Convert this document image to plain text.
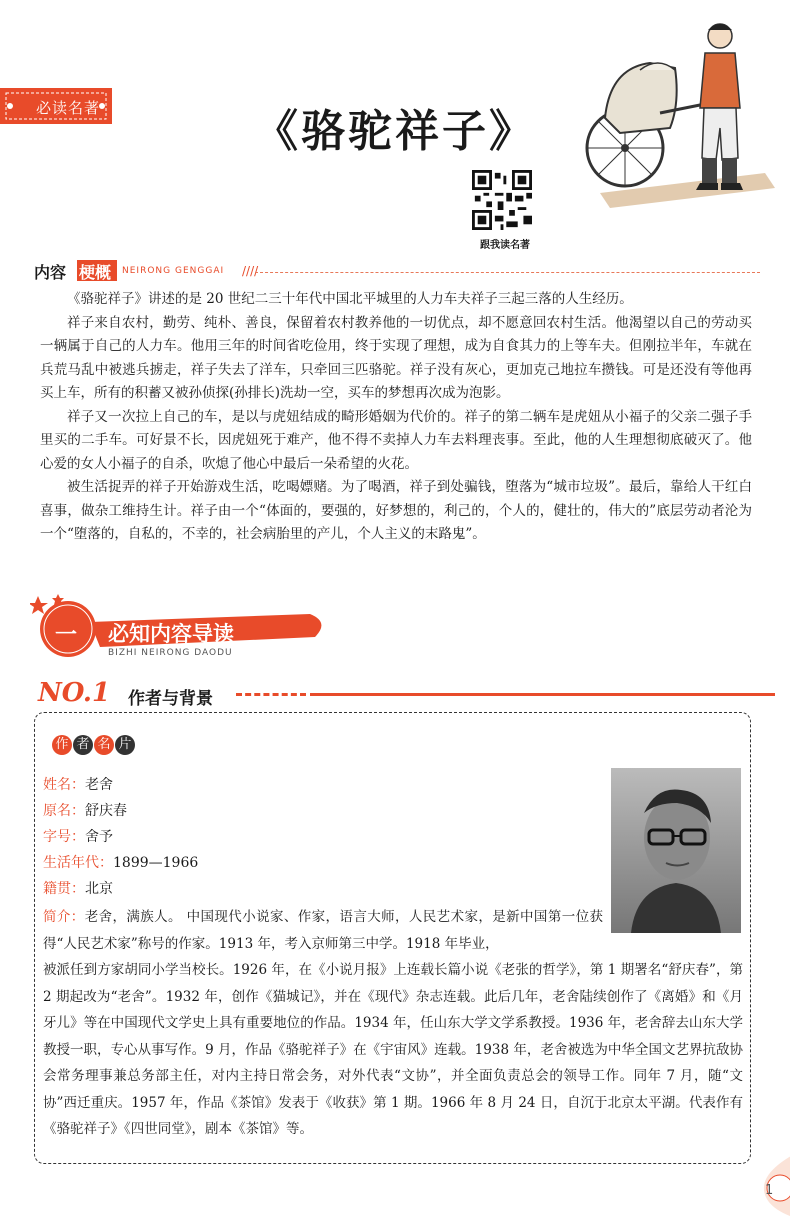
必读名著	《骆驼祥子》
跟我读名著
内容 梗概 NEIRONG GENGGAI ////

《骆驼祥子》讲述的是 20 世纪二三十年代中国北平城里的人力车夫祥子三起三落的人生经历。

祥子来自农村，勤劳、纯朴、善良，保留着农村教养他的一切优点，却不愿意回农村生活。他渴望以自己的劳动买一辆属于自己的人力车。他用三年的时间省吃俭用，终于实现了理想，成为自食其力的上等车夫。但刚拉半年，车就在兵荒马乱中被逃兵掳走，祥子失去了洋车，只牵回三匹骆驼。祥子没有灰心，更加克己地拉车攒钱。可是还没有等他再买上车，所有的积蓄又被孙侦探(孙排长)洗劫一空，买车的梦想再次成为泡影。

祥子又一次拉上自己的车，是以与虎妞结成的畸形婚姻为代价的。祥子的第二辆车是虎妞从小福子的父亲二强子手里买的二手车。可好景不长，因虎妞死于难产，他不得不卖掉人力车去料理丧事。至此，他的人生理想彻底破灭了。他心爱的女人小福子的自杀，吹熄了他心中最后一朵希望的火花。

被生活捉弄的祥子开始游戏生活，吃喝嫖赌。为了喝酒，祥子到处骗钱，堕落为“城市垃圾”。最后，靠给人干红白喜事，做杂工维持生计。祥子由一个“体面的，要强的，好梦想的，利己的，个人的，健壮的，伟大的”底层劳动者沦为一个“堕落的，自私的，不幸的，社会病胎里的产儿，个人主义的末路鬼”。

一 必知内容导读
BIZHI NEIRONG DAODU
NO.1 作者与背景
作 者 名 片
姓名：老舍
原名：舒庆春
字号：舍予
生活年代：1899—1966
籍贯：北京
简介：老舍，满族人。 中国现代小说家、作家，语言大师，人民艺术家，是新中国第一位获得“人民艺术家”称号的作家。1913 年，考入京师第三中学。1918 年毕业，
被派任到方家胡同小学当校长。1926 年，在《小说月报》上连载长篇小说《老张的哲学》，第 1 期署名“舒庆春”，第 2 期起改为“老舍”。1932 年，创作《猫城记》，并在《现代》杂志连载。此后几年，老舍陆续创作了《离婚》和《月牙儿》等在中国现代文学史上具有重要地位的作品。1934 年，任山东大学文学系教授。1936 年，老舍辞去山东大学教授一职，专心从事写作。9 月，作品《骆驼祥子》在《宇宙风》连载。1938 年，老舍被选为中华全国文艺界抗敌协会常务理事兼总务部主任，对内主持日常会务，对外代表“文协”，并全面负责总会的领导工作。同年 7 月，随“文协”西迁重庆。1957 年，作品《茶馆》发表于《收获》第 1 期。1966 年 8 月 24 日，自沉于北京太平湖。代表作有《骆驼祥子》《四世同堂》，剧本《茶馆》等。
1
